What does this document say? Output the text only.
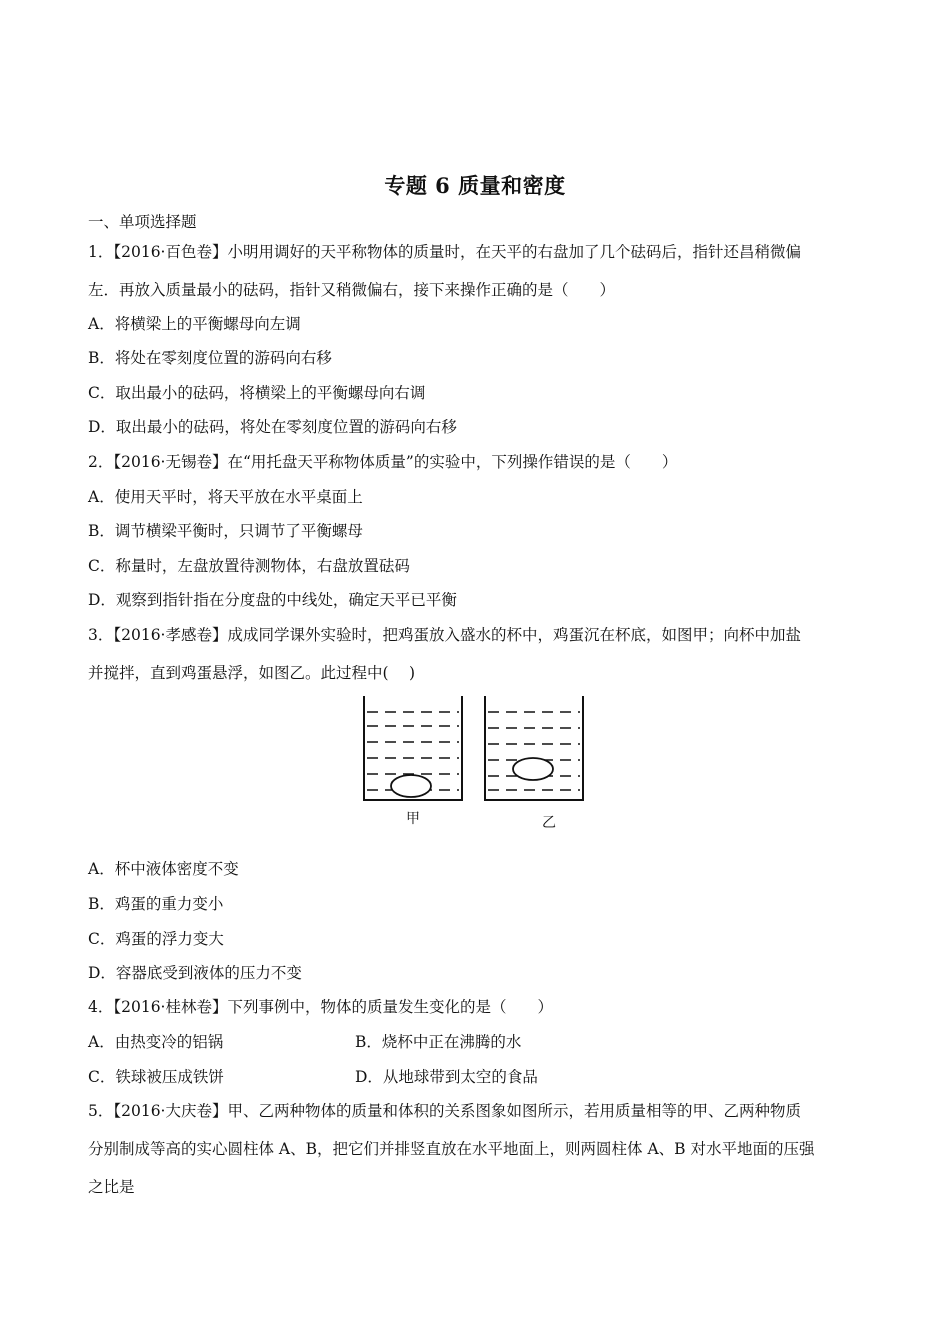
专题 6 质量和密度
一、单项选择题
1．【2016·百色卷】小明用调好的天平称物体的质量时，在天平的右盘加了几个砝码后，指针还昌稍微偏
左．再放入质量最小的砝码，指针又稍微偏右，接下来操作正确的是（　　）
A．将横梁上的平衡螺母向左调
B．将处在零刻度位置的游码向右移
C．取出最小的砝码，将横梁上的平衡螺母向右调
D．取出最小的砝码，将处在零刻度位置的游码向右移
2．【2016·无锡卷】在“用托盘天平称物体质量”的实验中，下列操作错误的是（　　）
A．使用天平时，将天平放在水平桌面上
B．调节横梁平衡时，只调节了平衡螺母
C．称量时，左盘放置待测物体，右盘放置砝码
D．观察到指针指在分度盘的中线处，确定天平已平衡
3．【2016·孝感卷】成成同学课外实验时，把鸡蛋放入盛水的杯中，鸡蛋沉在杯底，如图甲；向杯中加盐
并搅拌，直到鸡蛋悬浮，如图乙。此过程中(　 )
甲	乙
A．杯中液体密度不变
B．鸡蛋的重力变小
C．鸡蛋的浮力变大
D．容器底受到液体的压力不变
4．【2016·桂林卷】下列事例中，物体的质量发生变化的是（　　）
A．由热变冷的铝锅	B．烧杯中正在沸腾的水
C．铁球被压成铁饼	D．从地球带到太空的食品
5．【2016·大庆卷】甲、乙两种物体的质量和体积的关系图象如图所示，若用质量相等的甲、乙两种物质
分别制成等高的实心圆柱体 A、B，把它们并排竖直放在水平地面上，则两圆柱体 A、B 对水平地面的压强
之比是
